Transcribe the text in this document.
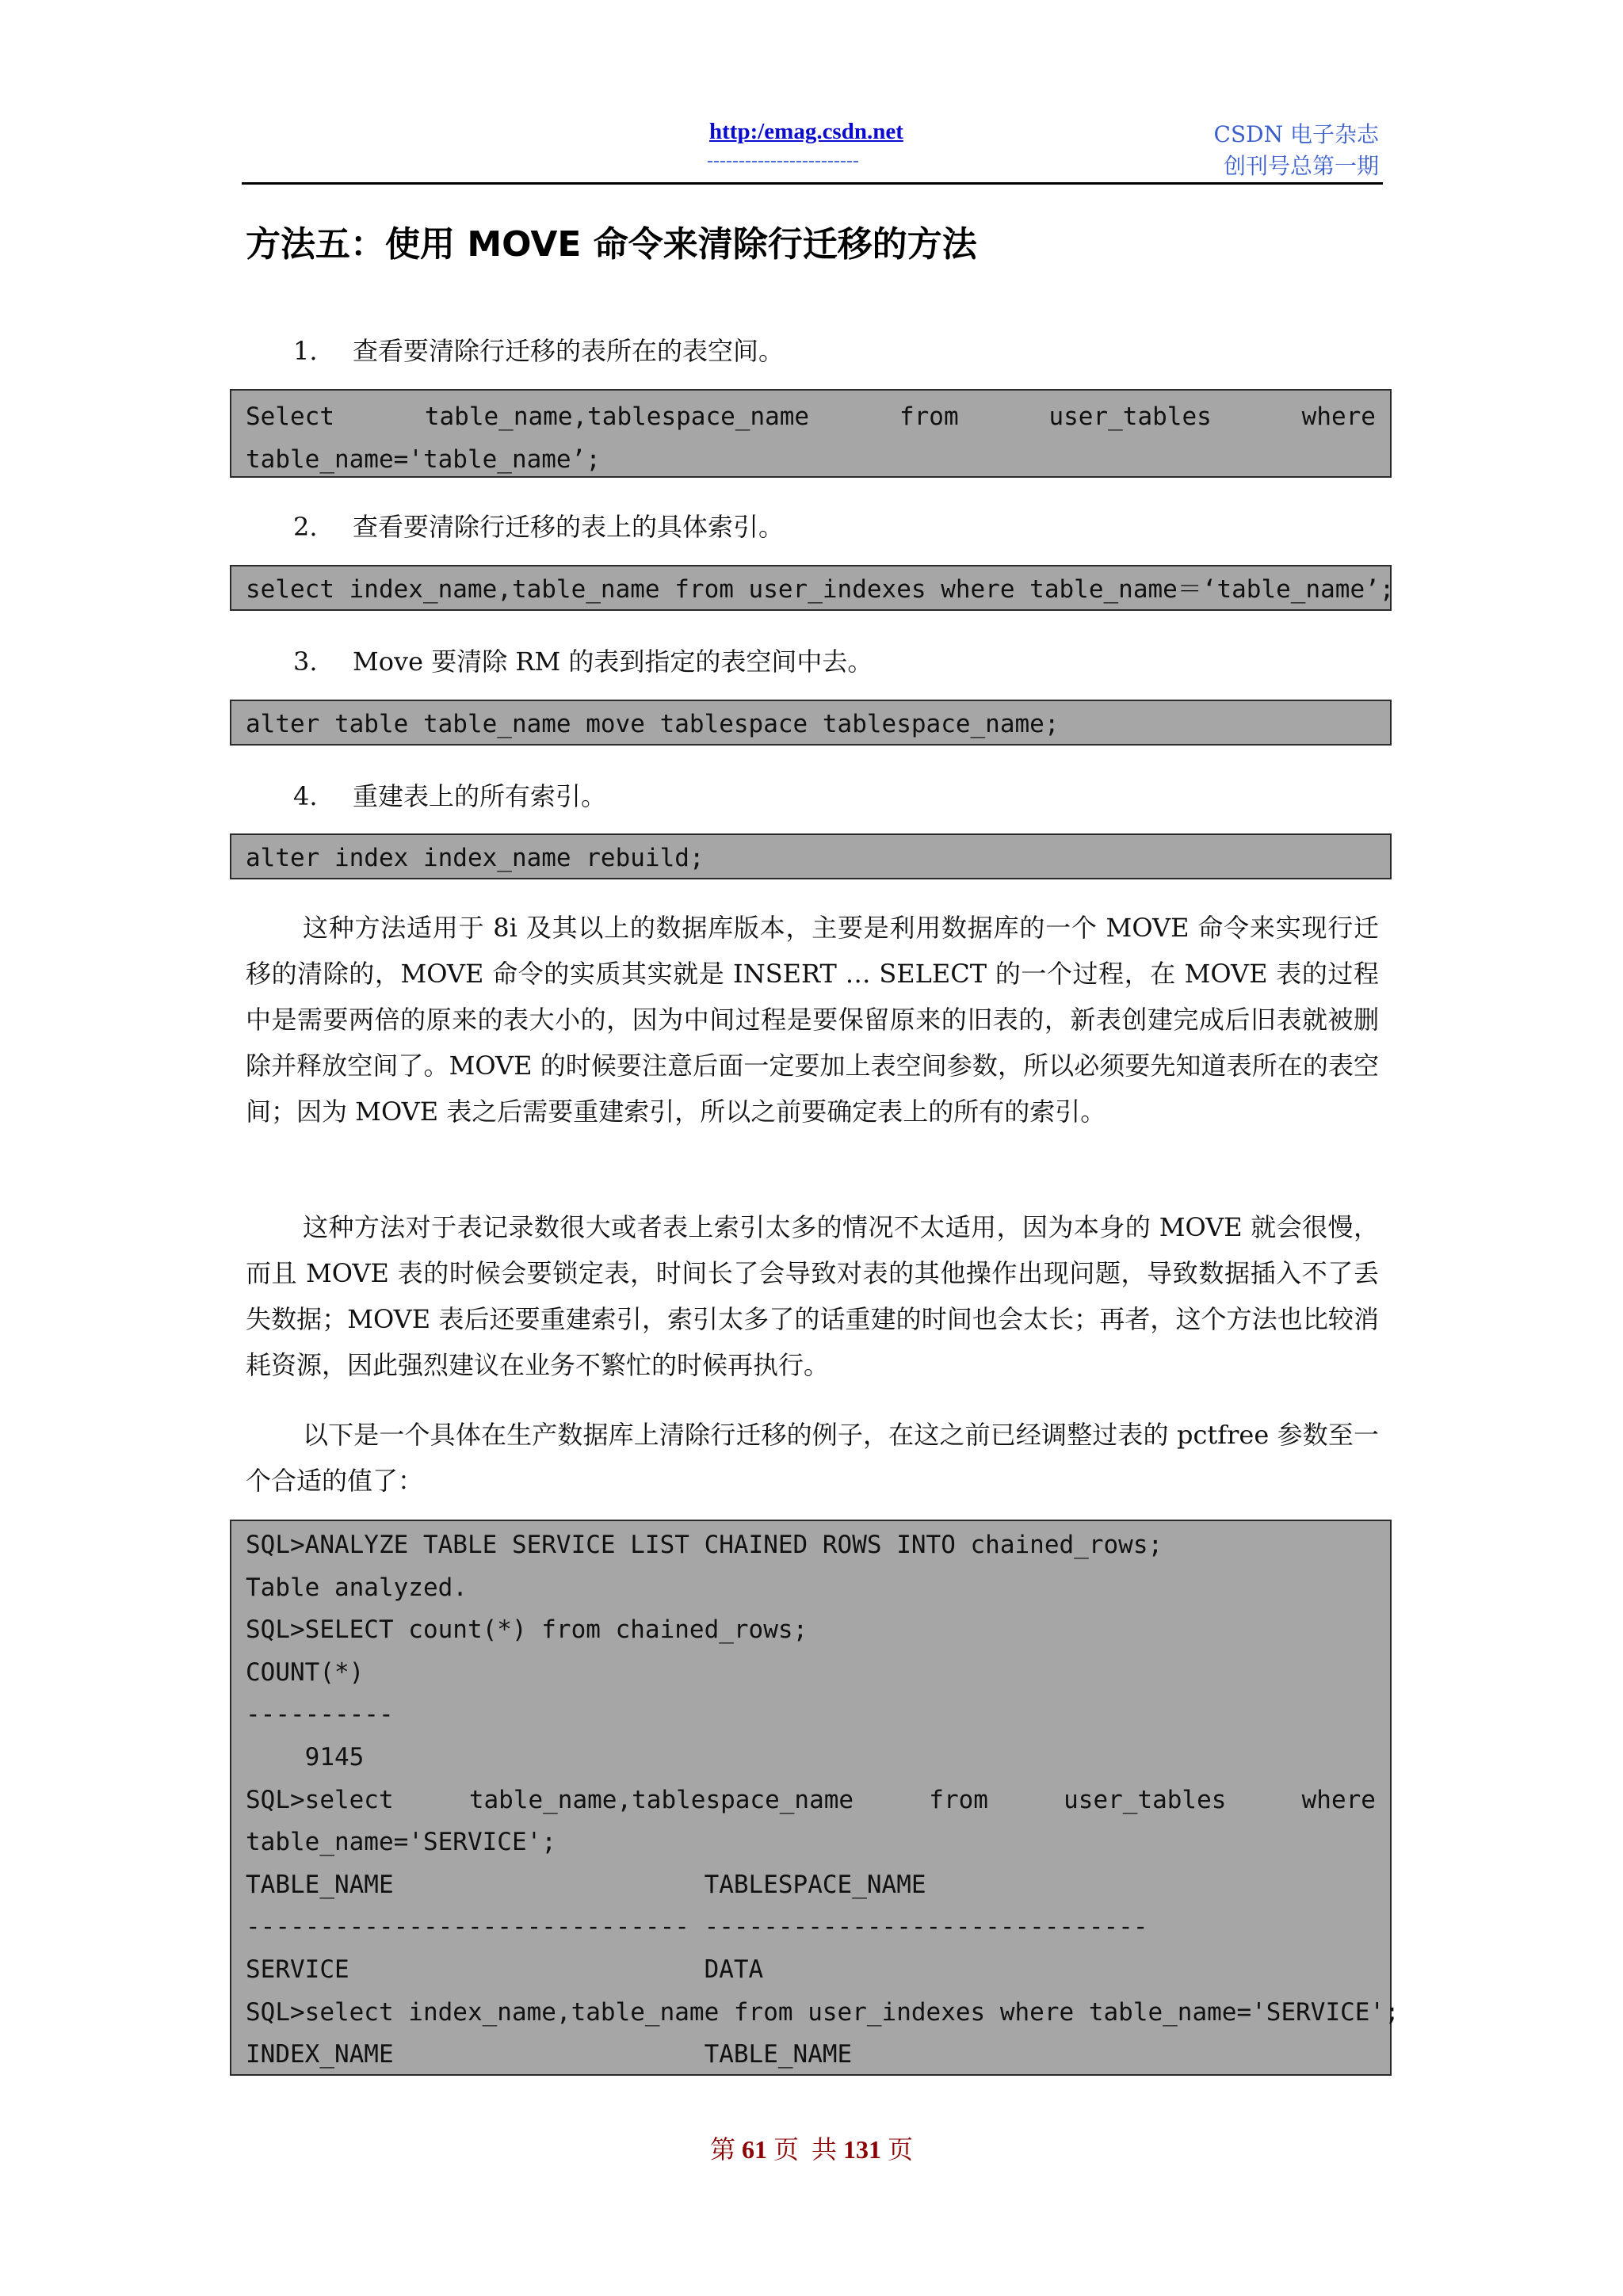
http:/emag.csdn.net
------------------------
CSDN 电子杂志
创刊号总第一期
方法五：使用 MOVE 命令来清除行迁移的方法
1. 查看要清除行迁移的表所在的表空间。
Select	table_name,tablespace_name	from	user_tables	where
table_name='table_name’;
2. 查看要清除行迁移的表上的具体索引。
select index_name,table_name from user_indexes where table_name＝‘table_name’;
3. Move 要清除 RM 的表到指定的表空间中去。
alter table table_name move tablespace tablespace_name;
4. 重建表上的所有索引。
alter index index_name rebuild;
这种方法适用于 8i 及其以上的数据库版本，主要是利用数据库的一个 MOVE 命令来实现行迁移的清除的，MOVE 命令的实质其实就是 INSERT … SELECT 的一个过程，在 MOVE 表的过程中是需要两倍的原来的表大小的，因为中间过程是要保留原来的旧表的，新表创建完成后旧表就被删除并释放空间了。MOVE 的时候要注意后面一定要加上表空间参数，所以必须要先知道表所在的表空间；因为 MOVE 表之后需要重建索引，所以之前要确定表上的所有的索引。
这种方法对于表记录数很大或者表上索引太多的情况不太适用，因为本身的 MOVE 就会很慢， 而且 MOVE 表的时候会要锁定表，时间长了会导致对表的其他操作出现问题，导致数据插入不了丢失数据；MOVE 表后还要重建索引，索引太多了的话重建的时间也会太长；再者，这个方法也比较消耗资源，因此强烈建议在业务不繁忙的时候再执行。
以下是一个具体在生产数据库上清除行迁移的例子，在这之前已经调整过表的 pctfree 参数至一个合适的值了：
SQL>ANALYZE TABLE SERVICE LIST CHAINED ROWS INTO chained_rows;
Table analyzed.
SQL>SELECT count(*) from chained_rows;
COUNT(*)
----------
9145
SQL>select	table_name,tablespace_name	from	user_tables	where
table_name='SERVICE';
TABLE_NAME                     TABLESPACE_NAME
------------------------------ ------------------------------
SERVICE                        DATA
SQL>select index_name,table_name from user_indexes where table_name='SERVICE';
INDEX_NAME                     TABLE_NAME
第 61 页 共 131 页
